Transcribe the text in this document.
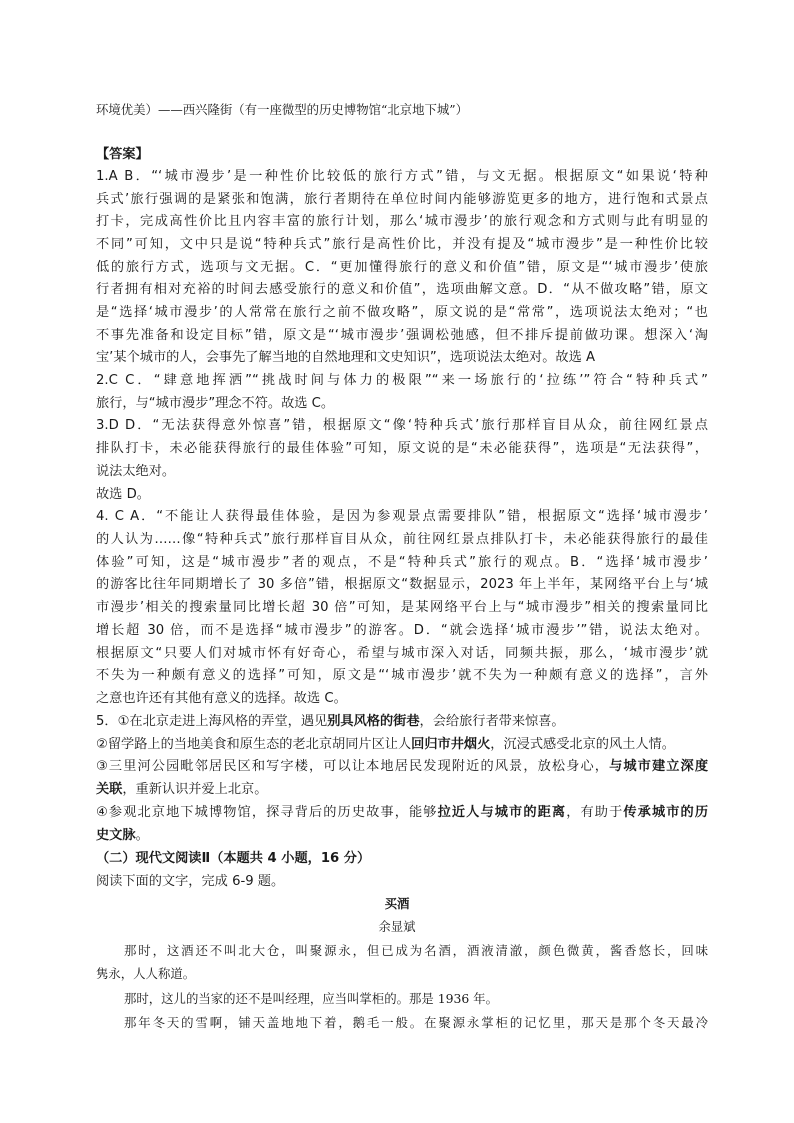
环境优美）——西兴隆街（有一座微型的历史博物馆“北京地下城”）
【答案】
1.A B．“‘城市漫步’是一种性价比较低的旅行方式”错，与文无据。根据原文“如果说‘特种
兵式’旅行强调的是紧张和饱满，旅行者期待在单位时间内能够游览更多的地方，进行饱和式景点
打卡，完成高性价比且内容丰富的旅行计划，那么‘城市漫步’的旅行观念和方式则与此有明显的
不同”可知，文中只是说“特种兵式”旅行是高性价比，并没有提及“城市漫步”是一种性价比较
低的旅行方式，选项与文无据。C．“更加懂得旅行的意义和价值”错，原文是“‘城市漫步’使旅
行者拥有相对充裕的时间去感受旅行的意义和价值”，选项曲解文意。D．“从不做攻略”错，原文
是“选择‘城市漫步’的人常常在旅行之前不做攻略”，原文说的是“常常”，选项说法太绝对；“也
不事先准备和设定目标”错，原文是“‘城市漫步’强调松弛感，但不排斥提前做功课。想深入‘淘
宝’某个城市的人，会事先了解当地的自然地理和文史知识”，选项说法太绝对。故选 A
2.C C．“肆意地挥洒”“挑战时间与体力的极限”“来一场旅行的‘拉练’”符合“特种兵式”
旅行，与“城市漫步”理念不符。故选 C。
3.D D．“无法获得意外惊喜”错，根据原文“像‘特种兵式’旅行那样盲目从众，前往网红景点
排队打卡，未必能获得旅行的最佳体验”可知，原文说的是“未必能获得”，选项是“无法获得”，
说法太绝对。
故选 D。
4. C A．“不能让人获得最佳体验，是因为参观景点需要排队”错，根据原文“选择‘城市漫步’
的人认为……像“特种兵式”旅行那样盲目从众，前往网红景点排队打卡，未必能获得旅行的最佳
体验”可知，这是“城市漫步”者的观点，不是“特种兵式”旅行的观点。B．“选择‘城市漫步’
的游客比往年同期增长了 30 多倍”错，根据原文“数据显示，2023 年上半年，某网络平台上与‘城
市漫步’相关的搜索量同比增长超 30 倍”可知，是某网络平台上与“城市漫步”相关的搜索量同比
增长超 30 倍，而不是选择“城市漫步”的游客。D．“就会选择‘城市漫步’”错，说法太绝对。
根据原文“只要人们对城市怀有好奇心，希望与城市深入对话，同频共振，那么，‘城市漫步’就
不失为一种颇有意义的选择”可知，原文是“‘城市漫步’就不失为一种颇有意义的选择”，言外
之意也许还有其他有意义的选择。故选 C。
5．①在北京走进上海风格的弄堂，遇见别具风格的街巷，会给旅行者带来惊喜。
②留学路上的当地美食和原生态的老北京胡同片区让人回归市井烟火，沉浸式感受北京的风土人情。
③三里河公园毗邻居民区和写字楼，可以让本地居民发现附近的风景，放松身心，与城市建立深度
关联，重新认识并爱上北京。
④参观北京地下城博物馆，探寻背后的历史故事，能够拉近人与城市的距离，有助于传承城市的历
史文脉。
（二）现代文阅读Ⅱ（本题共 4 小题，16 分）
阅读下面的文字，完成 6-9 题。
买酒
余显斌
那时，这酒还不叫北大仓，叫聚源永，但已成为名酒，酒液清澈，颜色微黄，酱香悠长，回味
隽永，人人称道。
那时，这儿的当家的还不是叫经理，应当叫掌柜的。那是 1936 年。
那年冬天的雪啊，铺天盖地地下着，鹅毛一般。在聚源永掌柜的记忆里，那天是那个冬天最冷
